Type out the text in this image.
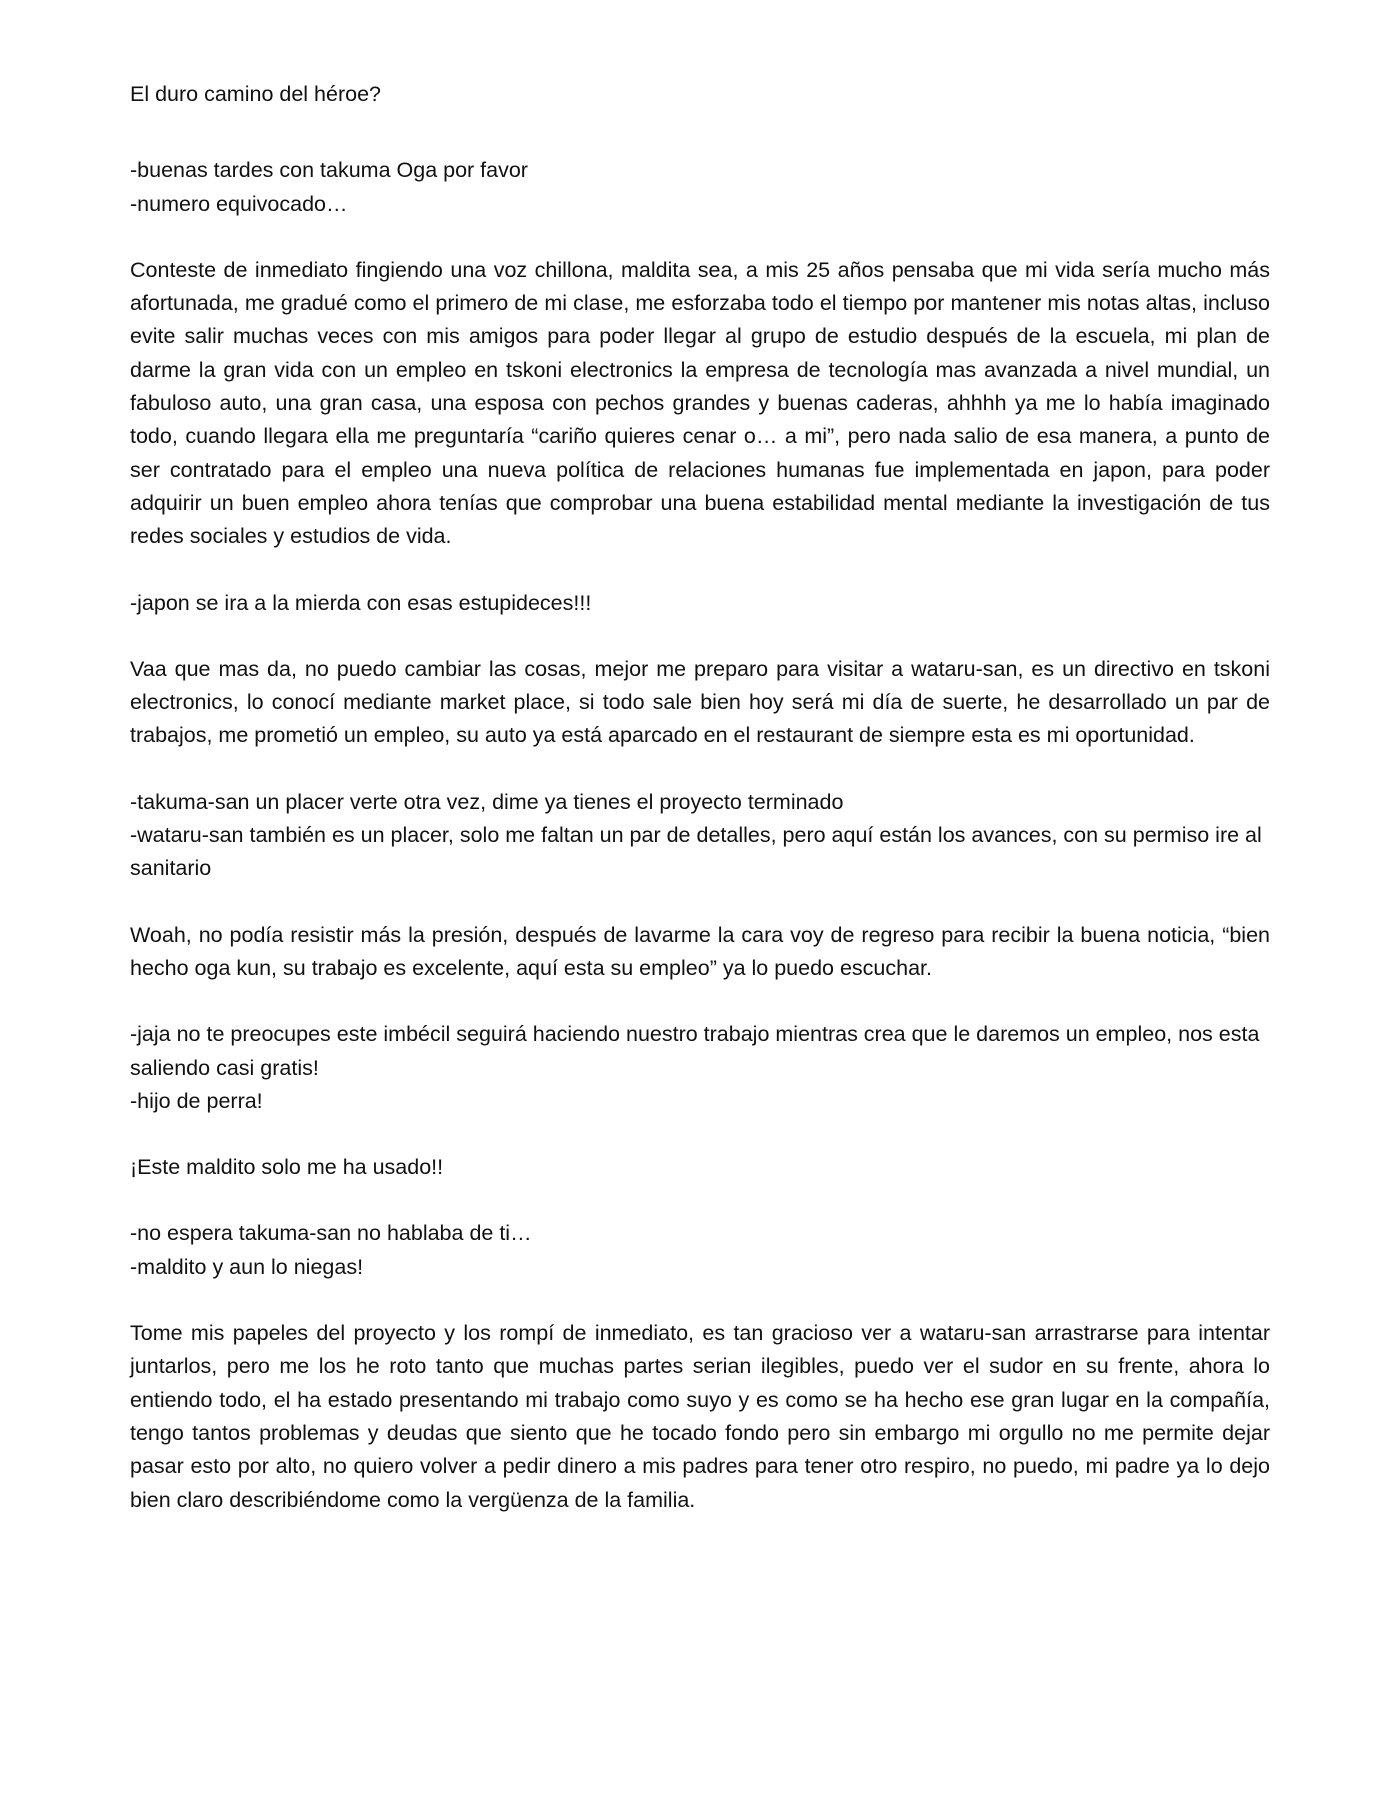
El duro camino del héroe?

-buenas tardes con takuma Oga por favor
-numero equivocado…

Conteste de inmediato fingiendo una voz chillona, maldita sea, a mis 25 años pensaba que mi vida sería mucho más afortunada, me gradué como el primero de mi clase, me esforzaba todo el tiempo por mantener mis notas altas, incluso evite salir muchas veces con mis amigos para poder llegar al grupo de estudio después de la escuela, mi plan de darme la gran vida con un empleo en tskoni electronics la empresa de tecnología mas avanzada a nivel mundial, un fabuloso auto, una gran casa, una esposa con pechos grandes y buenas caderas, ahhhh ya me lo había imaginado todo, cuando llegara ella me preguntaría “cariño quieres cenar o… a mi”, pero nada salio de esa manera, a punto de ser contratado para el empleo una nueva política de relaciones humanas fue implementada en japon, para poder adquirir un buen empleo ahora tenías que comprobar una buena estabilidad mental mediante la investigación de tus redes sociales y estudios de vida.

-japon se ira a la mierda con esas estupideces!!!

Vaa que mas da, no puedo cambiar las cosas, mejor me preparo para visitar a wataru-san, es un directivo en tskoni electronics, lo conocí mediante market place, si todo sale bien hoy será mi día de suerte, he desarrollado un par de trabajos, me prometió un empleo, su auto ya está aparcado en el restaurant de siempre esta es mi oportunidad.

-takuma-san un placer verte otra vez, dime ya tienes el proyecto terminado
-wataru-san también es un placer, solo me faltan un par de detalles, pero aquí están los avances, con su permiso ire al sanitario

Woah, no podía resistir más la presión, después de lavarme la cara voy de regreso para recibir la buena noticia, “bien hecho oga kun, su trabajo es excelente, aquí esta su empleo” ya lo puedo escuchar.

-jaja no te preocupes este imbécil seguirá haciendo nuestro trabajo mientras crea que le daremos un empleo, nos esta saliendo casi gratis!
-hijo de perra!
¡Este maldito solo me ha usado!!
-no espera takuma-san no hablaba de ti…
-maldito y aun lo niegas!

Tome mis papeles del proyecto y los rompí de inmediato, es tan gracioso ver a wataru-san arrastrarse para intentar juntarlos, pero me los he roto tanto que muchas partes serian ilegibles, puedo ver el sudor en su frente, ahora lo entiendo todo, el ha estado presentando mi trabajo como suyo y es como se ha hecho ese gran lugar en la compañía, tengo tantos problemas y deudas que siento que he tocado fondo pero sin embargo mi orgullo no me permite dejar pasar esto por alto, no quiero volver a pedir dinero a mis padres para tener otro respiro, no puedo, mi padre ya lo dejo bien claro describiéndome como la vergüenza de la familia.
